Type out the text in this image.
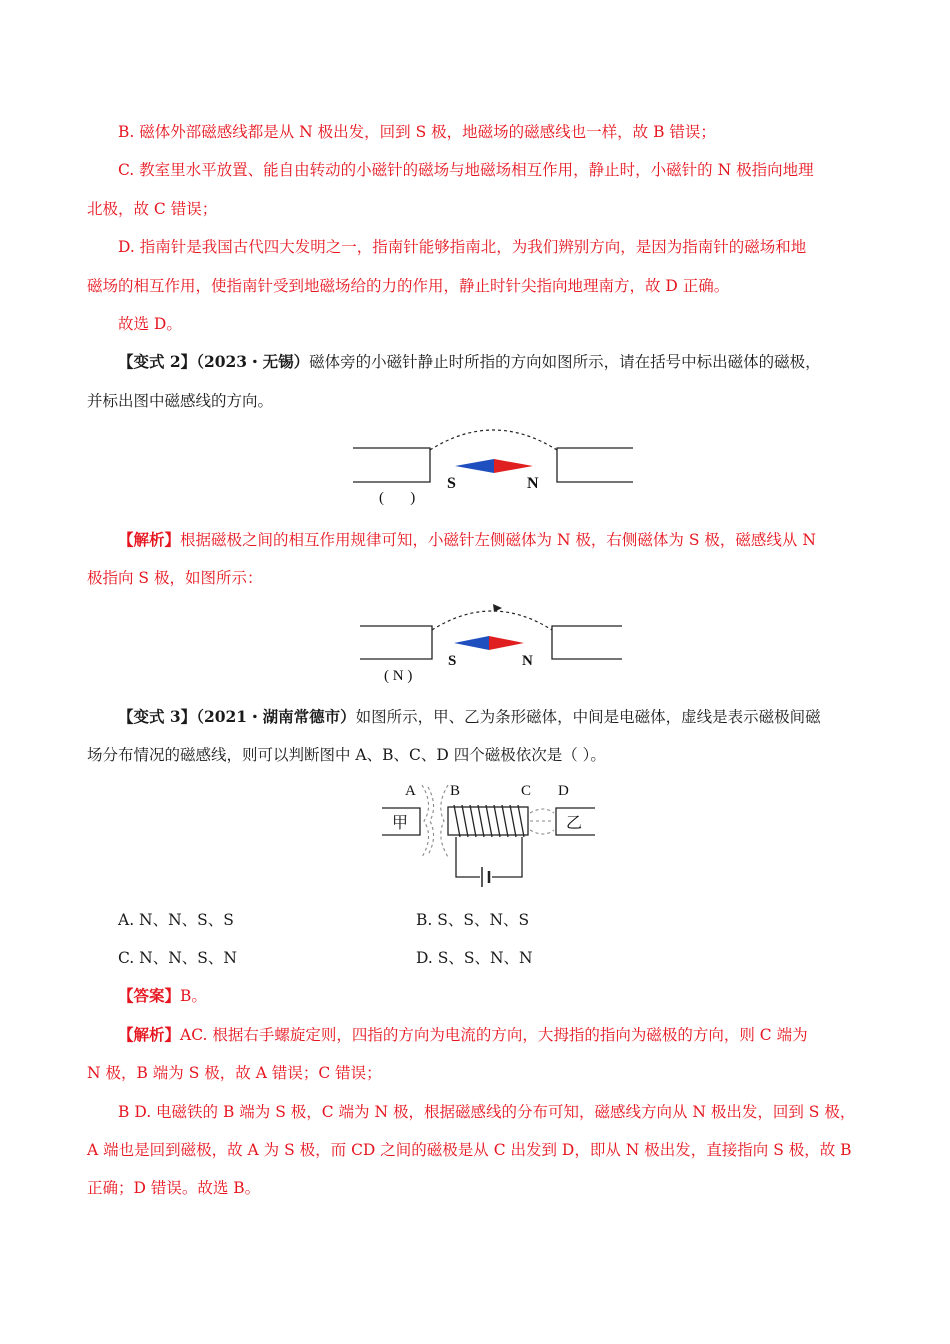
B. 磁体外部磁感线都是从 N 极出发，回到 S 极，地磁场的磁感线也一样，故 B 错误；
C. 教室里水平放置、能自由转动的小磁针的磁场与地磁场相互作用，静止时，小磁针的 N 极指向地理
北极，故 C 错误；
D. 指南针是我国古代四大发明之一，指南针能够指南北，为我们辨别方向，是因为指南针的磁场和地
磁场的相互作用，使指南针受到地磁场给的力的作用，静止时针尖指向地理南方，故 D 正确。
故选 D。
【变式 2】（2023・无锡）磁体旁的小磁针静止时所指的方向如图所示，请在括号中标出磁体的磁极，
并标出图中磁感线的方向。
S	N
(       )
【解析】根据磁极之间的相互作用规律可知，小磁针左侧磁体为 N 极，右侧磁体为 S 极，磁感线从 N
极指向 S 极，如图所示：
S	N
( N )
【变式 3】（2021・湖南常德市）如图所示，甲、乙为条形磁体，中间是电磁体，虚线是表示磁极间磁
场分布情况的磁感线，则可以判断图中 A、B、C、D 四个磁极依次是（ ）。
A B	C D
甲	乙
A. N、N、S、S	B. S、S、N、S
C. N、N、S、N	D. S、S、N、N
【答案】B。
【解析】AC. 根据右手螺旋定则，四指的方向为电流的方向，大拇指的指向为磁极的方向，则 C 端为
N 极，B 端为 S 极，故 A 错误；C 错误；
B D. 电磁铁的 B 端为 S 极，C 端为 N 极，根据磁感线的分布可知，磁感线方向从 N 极出发，回到 S 极，
A 端也是回到磁极，故 A 为 S 极，而 CD 之间的磁极是从 C 出发到 D，即从 N 极出发，直接指向 S 极，故 B
正确；D 错误。故选 B。
